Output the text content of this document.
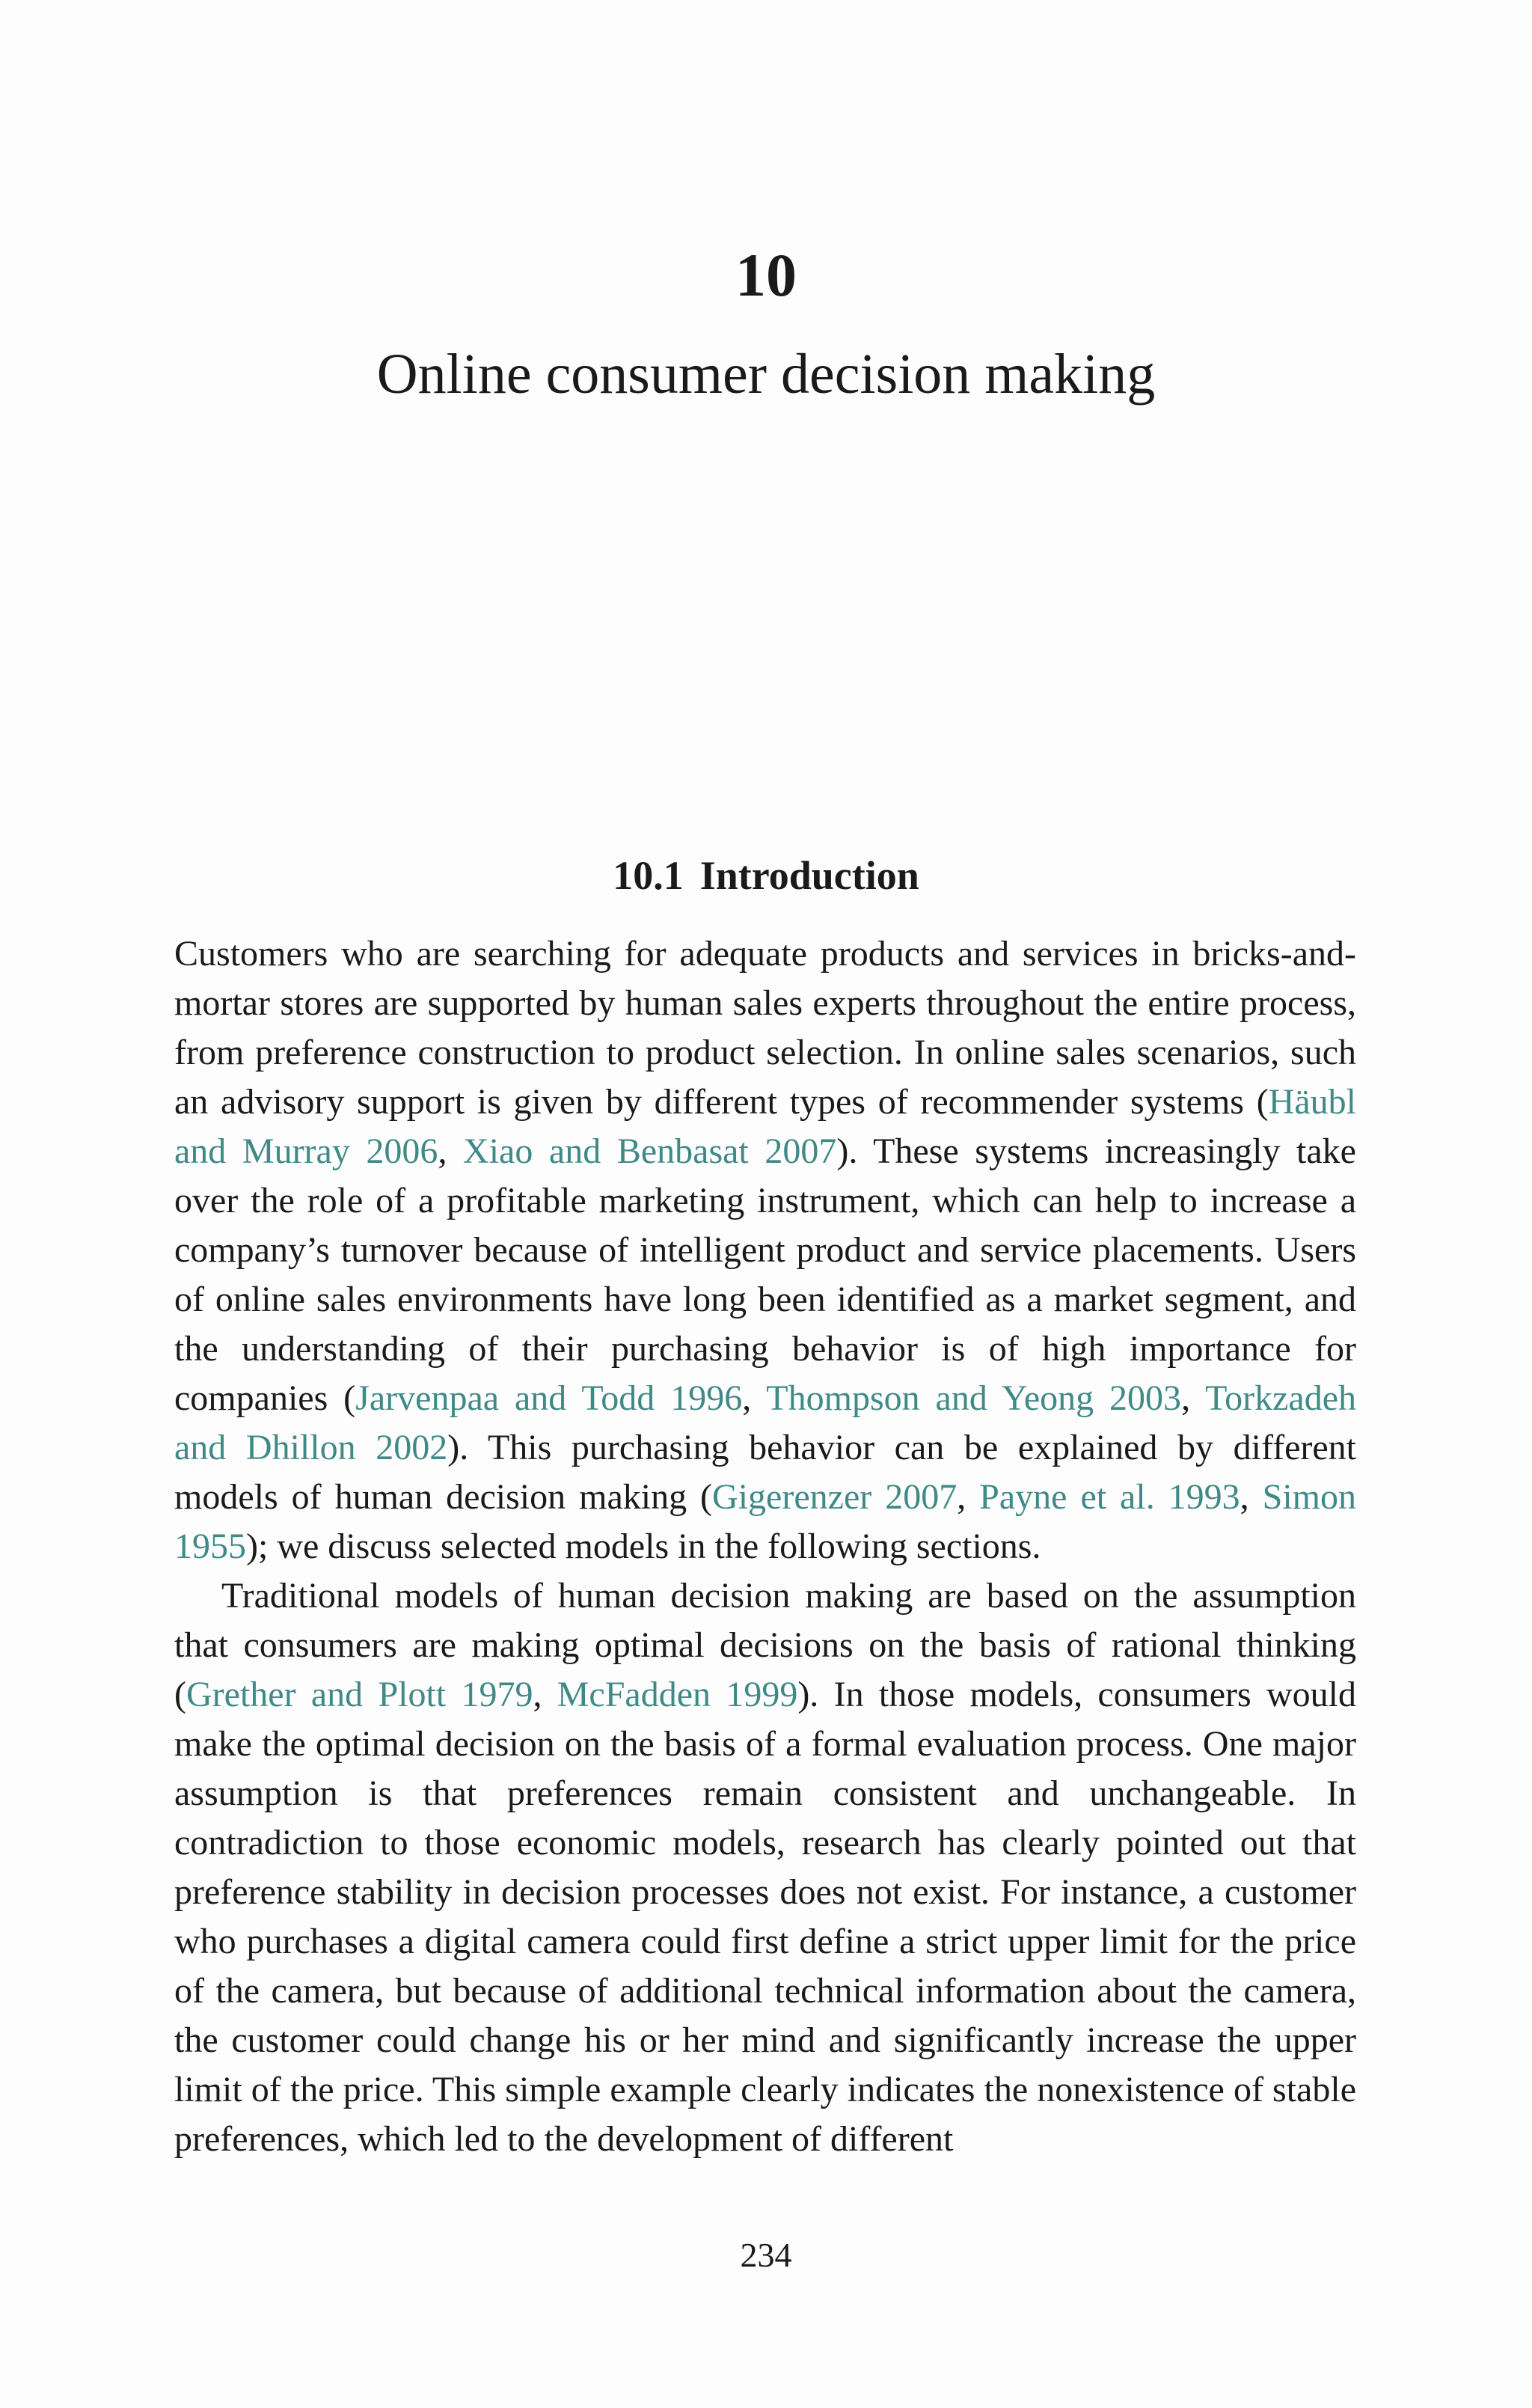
10
Online consumer decision making
10.1 Introduction

Customers who are searching for adequate products and services in bricks-and-mortar stores are supported by human sales experts throughout the entire process, from preference construction to product selection. In online sales scenarios, such an advisory support is given by different types of recommender systems (Häubl and Murray 2006, Xiao and Benbasat 2007). These systems increasingly take over the role of a profitable marketing instrument, which can help to increase a company’s turnover because of intelligent product and service placements. Users of online sales environments have long been identified as a market segment, and the understanding of their purchasing behavior is of high importance for companies (Jarvenpaa and Todd 1996, Thompson and Yeong 2003, Torkzadeh and Dhillon 2002). This purchasing behavior can be explained by different models of human decision making (Gigerenzer 2007, Payne et al. 1993, Simon 1955); we discuss selected models in the following sections.

Traditional models of human decision making are based on the assumption that consumers are making optimal decisions on the basis of rational thinking (Grether and Plott 1979, McFadden 1999). In those models, consumers would make the optimal decision on the basis of a formal evaluation process. One major assumption is that preferences remain consistent and unchangeable. In contradiction to those economic models, research has clearly pointed out that preference stability in decision processes does not exist. For instance, a customer who purchases a digital camera could first define a strict upper limit for the price of the camera, but because of additional technical information about the camera, the customer could change his or her mind and significantly increase the upper limit of the price. This simple example clearly indicates the nonexistence of stable preferences, which led to the development of different

234
